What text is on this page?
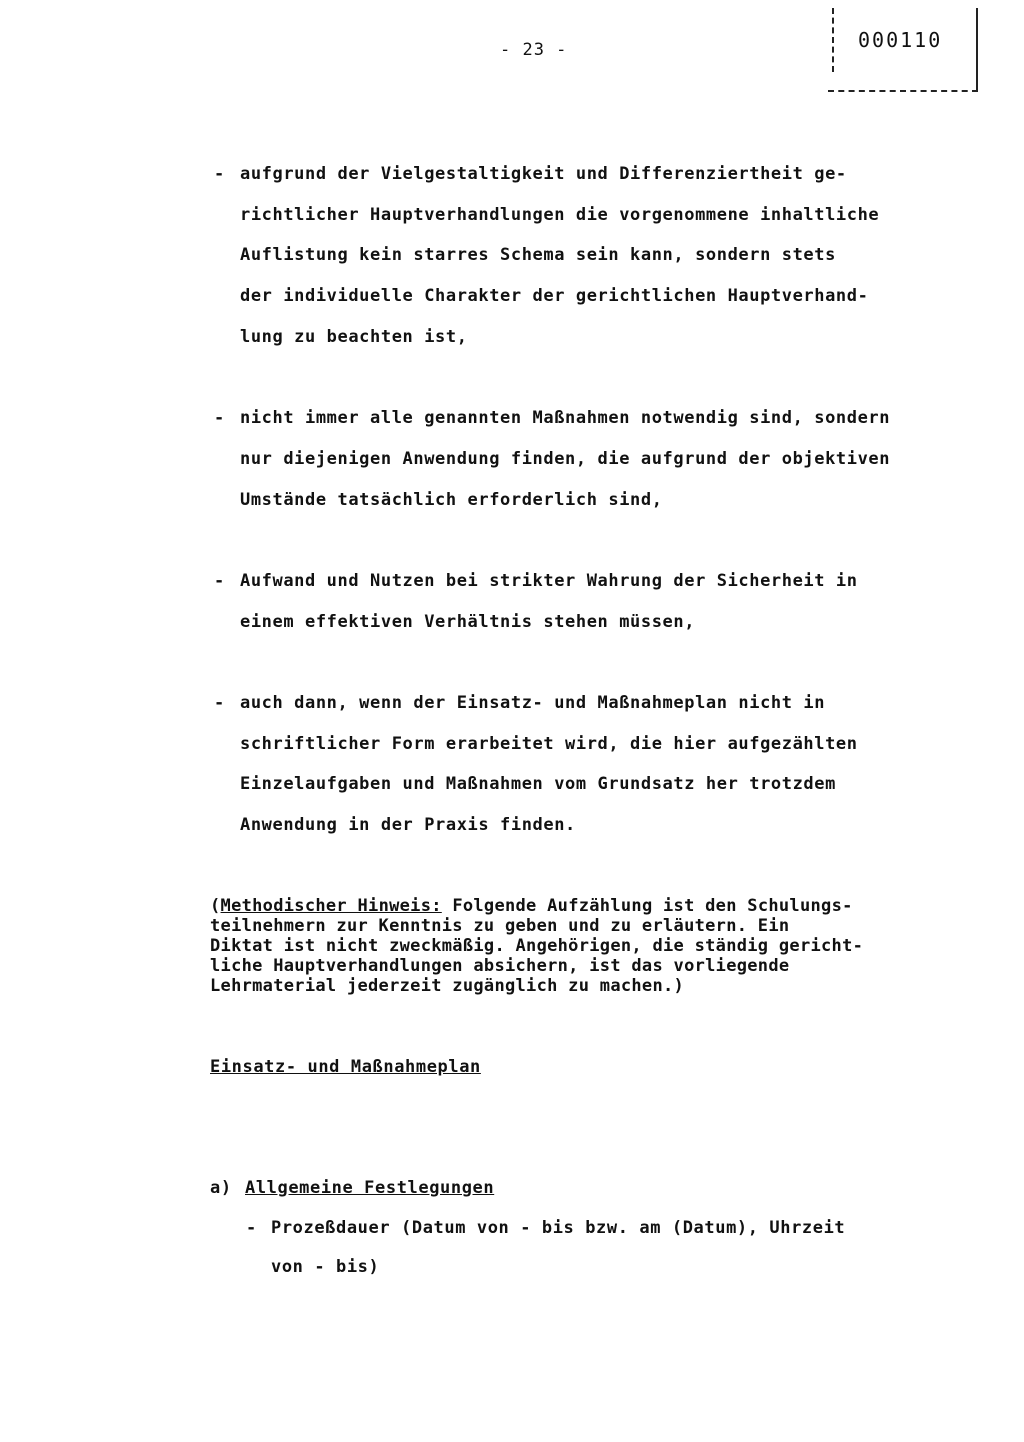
- 23 -	000110
- aufgrund der Vielgestaltigkeit und Differenziertheit ge-
richtlicher Hauptverhandlungen die vorgenommene inhaltliche
Auflistung kein starres Schema sein kann, sondern stets
der individuelle Charakter der gerichtlichen Hauptverhand-
lung zu beachten ist,
- nicht immer alle genannten Maßnahmen notwendig sind, sondern
nur diejenigen Anwendung finden, die aufgrund der objektiven
Umstände tatsächlich erforderlich sind,
- Aufwand und Nutzen bei strikter Wahrung der Sicherheit in
einem effektiven Verhältnis stehen müssen,
- auch dann, wenn der Einsatz- und Maßnahmeplan nicht in
schriftlicher Form erarbeitet wird, die hier aufgezählten
Einzelaufgaben und Maßnahmen vom Grundsatz her trotzdem
Anwendung in der Praxis finden.
(Methodischer Hinweis: Folgende Aufzählung ist den Schulungs-
teilnehmern zur Kenntnis zu geben und zu erläutern. Ein
Diktat ist nicht zweckmäßig. Angehörigen, die ständig gericht-
liche Hauptverhandlungen absichern, ist das vorliegende
Lehrmaterial jederzeit zugänglich zu machen.)
Einsatz- und Maßnahmeplan
a) Allgemeine Festlegungen
- Prozeßdauer (Datum von - bis bzw. am (Datum), Uhrzeit
von - bis)
